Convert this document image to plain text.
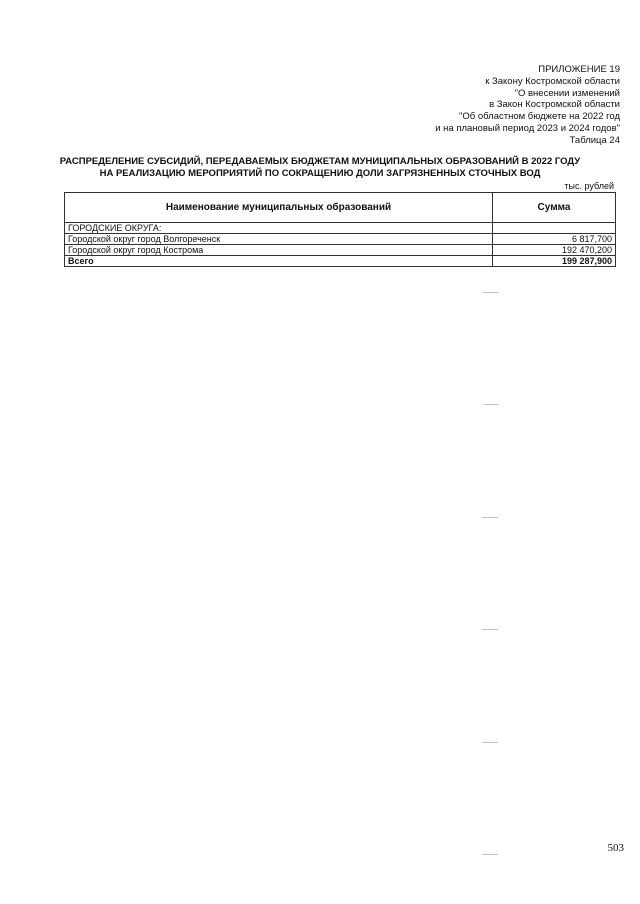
ПРИЛОЖЕНИЕ 19
к Закону Костромской области
"О внесении изменений
в Закон Костромской области
"Об областном бюджете на 2022 год
и на плановый период 2023 и 2024 годов"
Таблица 24
РАСПРЕДЕЛЕНИЕ СУБСИДИЙ, ПЕРЕДАВАЕМЫХ БЮДЖЕТАМ МУНИЦИПАЛЬНЫХ ОБРАЗОВАНИЙ В 2022 ГОДУ
НА РЕАЛИЗАЦИЮ МЕРОПРИЯТИЙ ПО СОКРАЩЕНИЮ ДОЛИ ЗАГРЯЗНЕННЫХ СТОЧНЫХ ВОД
тыс. рублей
Наименование муниципальных образований	Сумма
ГОРОДСКИЕ ОКРУГА:	
Городской округ город Волгореченск	6 817,700
Городской округ город Кострома	192 470,200
Всего	199 287,900
503
